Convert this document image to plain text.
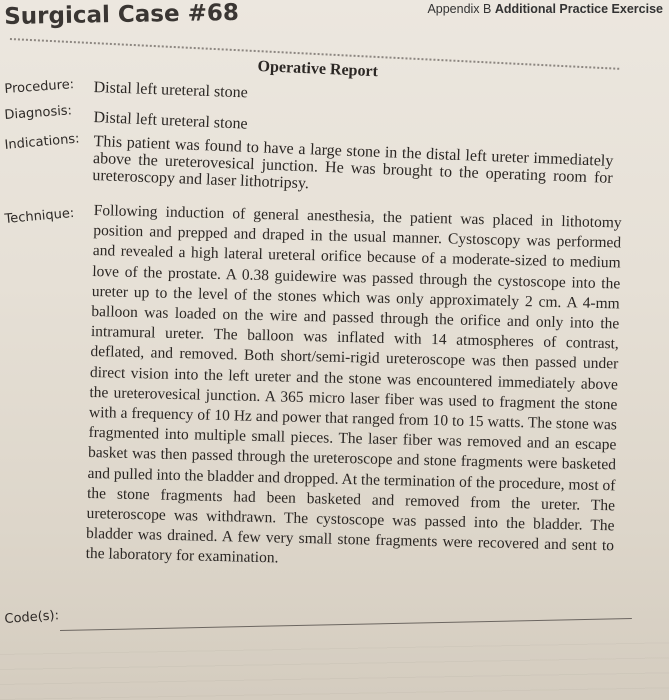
Appendix B Additional Practice Exercise
Surgical Case #68
Operative Report
Procedure: Distal left ureteral stone
Diagnosis: Distal left ureteral stone
Indications: This patient was found to have a large stone in the distal left ureter immediately above the ureterovesical junction. He was brought to the operating room for ureteroscopy and laser lithotripsy.
Technique:	Following induction of general anesthesia, the patient was placed in lithotomy position and prepped and draped in the usual manner. Cystoscopy was performed and revealed a high lateral ureteral orifice because of a moderate-sized to medium love of the prostate. A 0.38 guidewire was passed through the cystoscope into the ureter up to the level of the stones which was only approximately 2 cm. A 4-mm balloon was loaded on the wire and passed through the orifice and only into the intramural ureter. The balloon was inflated with 14 atmospheres of contrast, deflated, and removed. Both short/semi-rigid ureteroscope was then passed under direct vision into the left ureter and the stone was encountered immediately above the ureterovesical junction. A 365 micro laser fiber was used to fragment the stone with a frequency of 10 Hz and power that ranged from 10 to 15 watts. The stone was fragmented into multiple small pieces. The laser fiber was removed and an escape basket was then passed through the ureteroscope and stone fragments were basketed and pulled into the bladder and dropped. At the termination of the procedure, most of the stone fragments had been basketed and removed from the ureter. The ureteroscope was withdrawn. The cystoscope was passed into the bladder. The bladder was drained. A few very small stone fragments were recovered and sent to the laboratory for examination.
Code(s):
